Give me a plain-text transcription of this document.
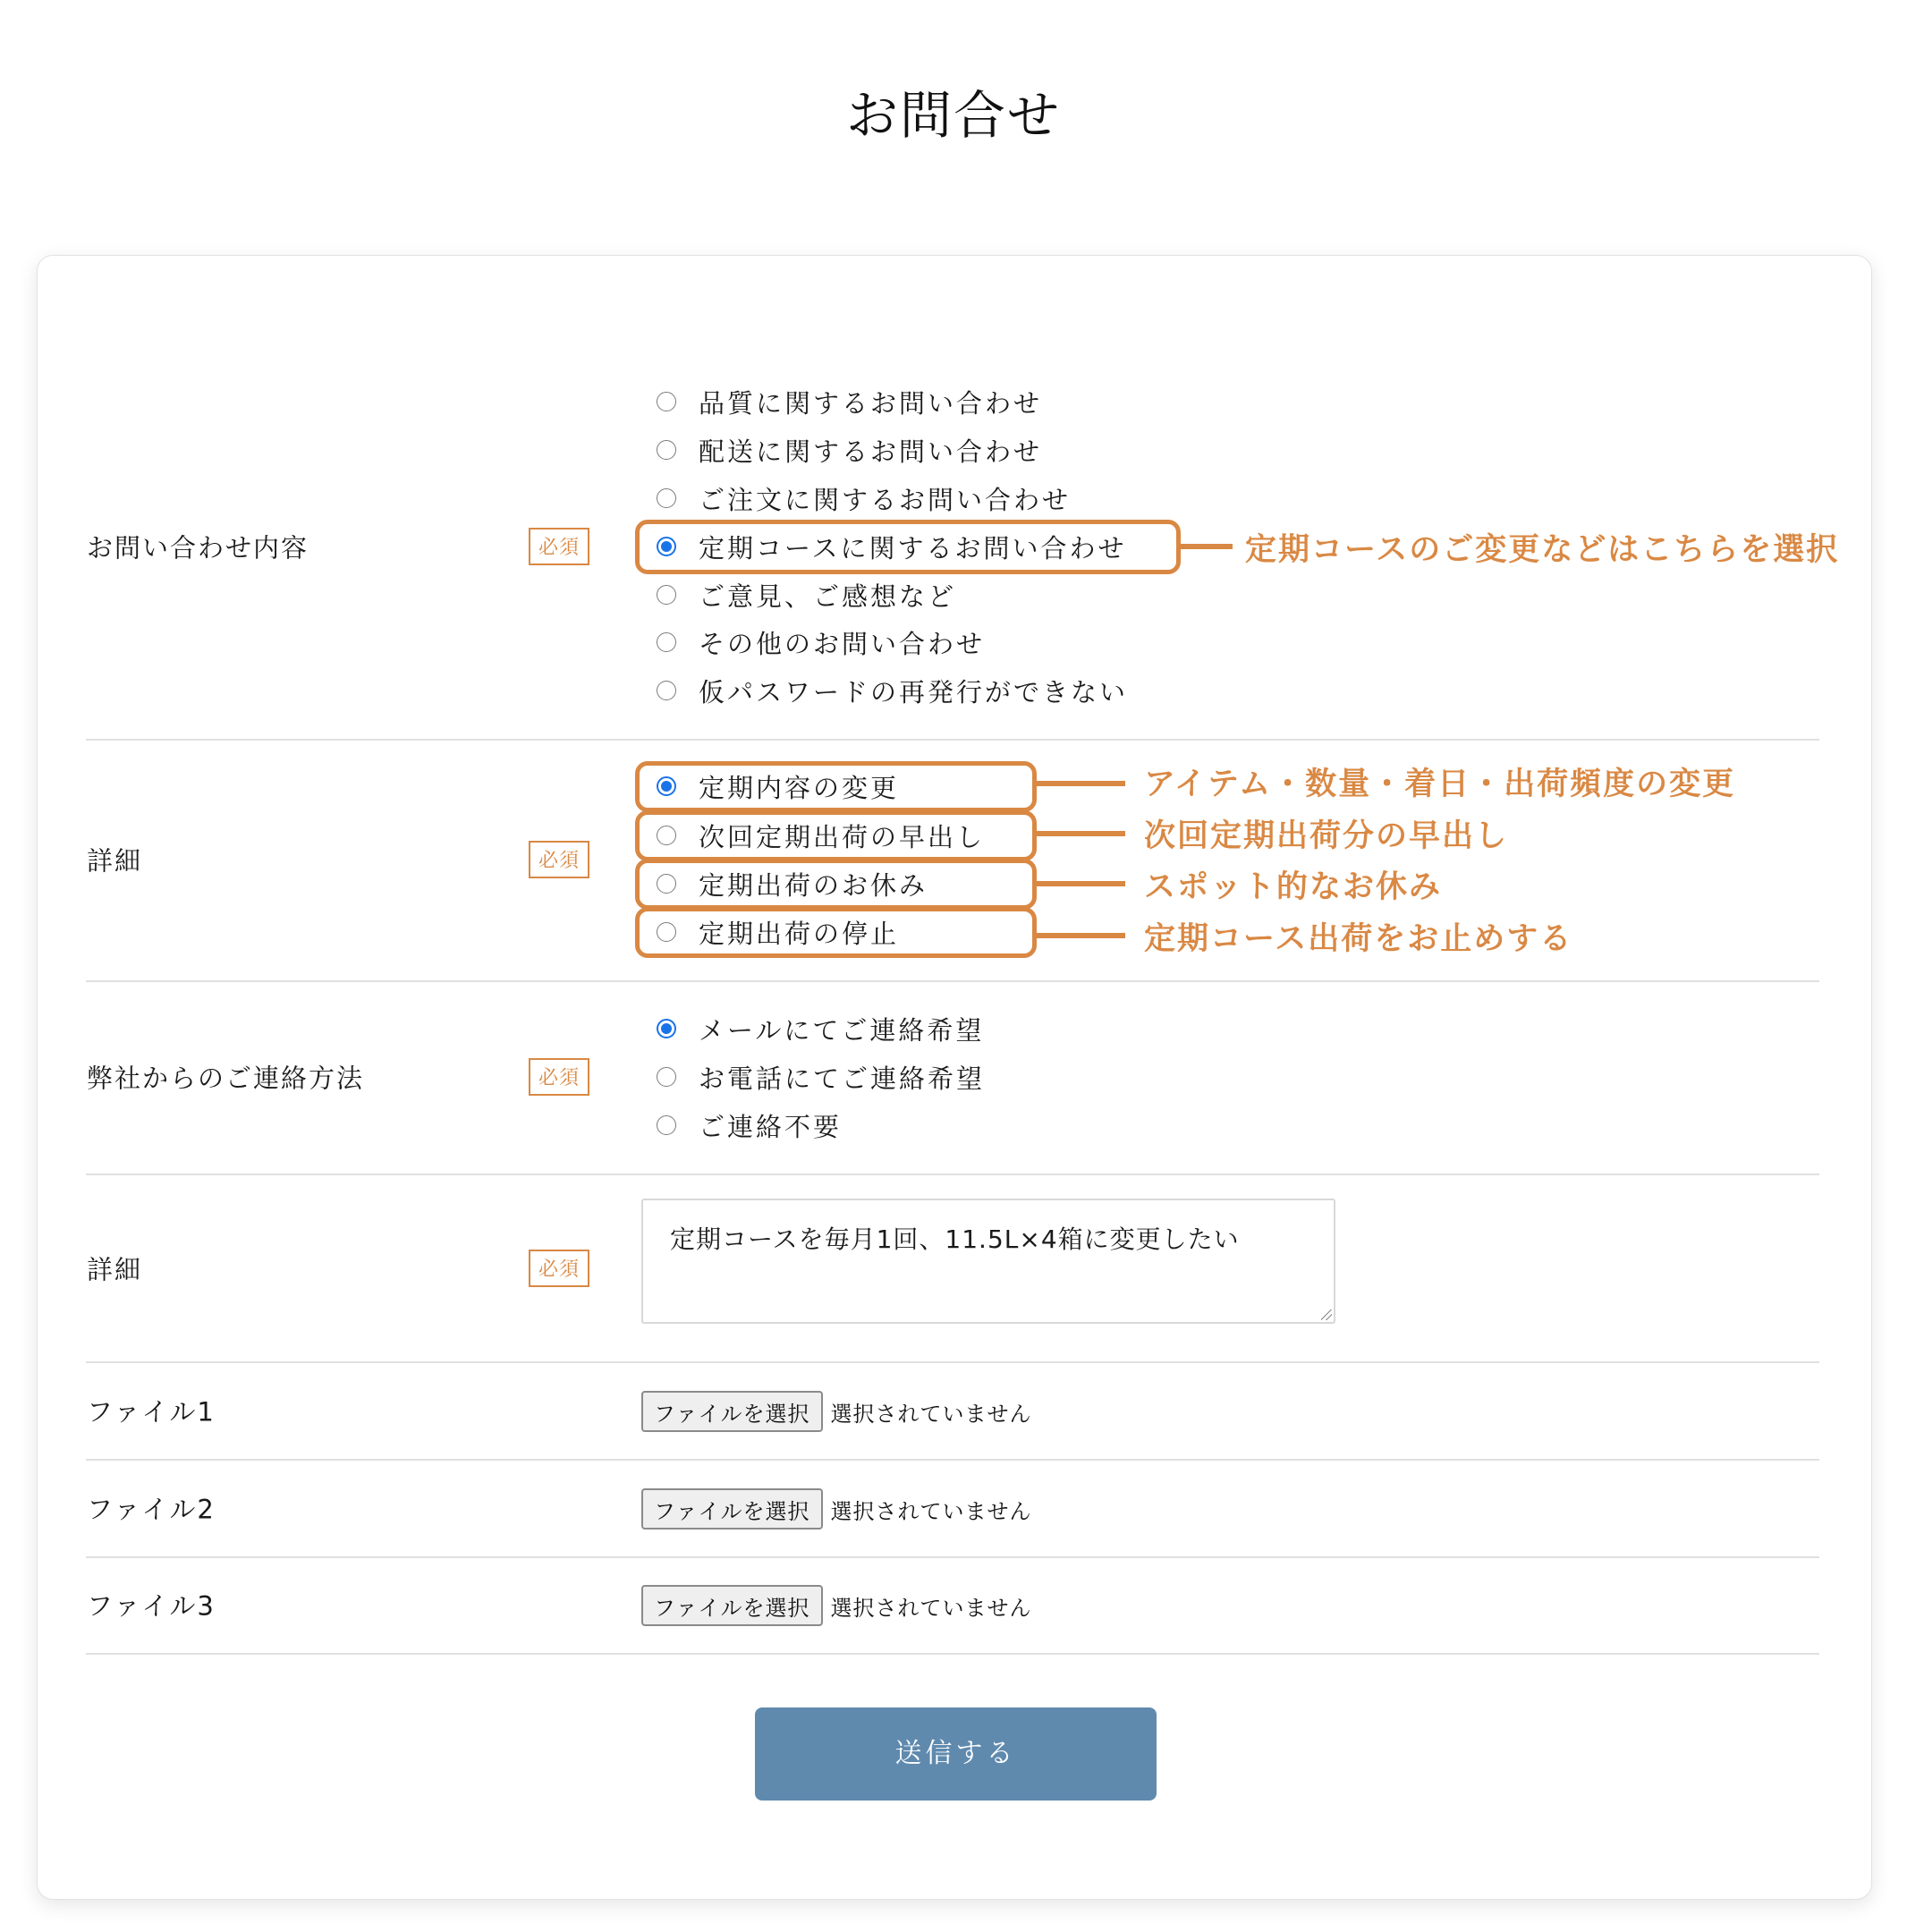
お問合せ
お問い合わせ内容	必須
品質に関するお問い合わせ
配送に関するお問い合わせ
ご注文に関するお問い合わせ
定期コースに関するお問い合わせ
ご意見、ご感想など
その他のお問い合わせ
仮パスワードの再発行ができない
定期コースのご変更などはこちらを選択
詳細	必須
定期内容の変更
次回定期出荷の早出し
定期出荷のお休み
定期出荷の停止
アイテム・数量・着日・出荷頻度の変更
次回定期出荷分の早出し
スポット的なお休み
定期コース出荷をお止めする
弊社からのご連絡方法	必須
メールにてご連絡希望
お電話にてご連絡希望
ご連絡不要
詳細	必須
定期コースを毎月1回、11.5L×4箱に変更したい
ファイル1	ファイルを選択 選択されていません
ファイル2	ファイルを選択 選択されていません
ファイル3	ファイルを選択 選択されていません
送信する
